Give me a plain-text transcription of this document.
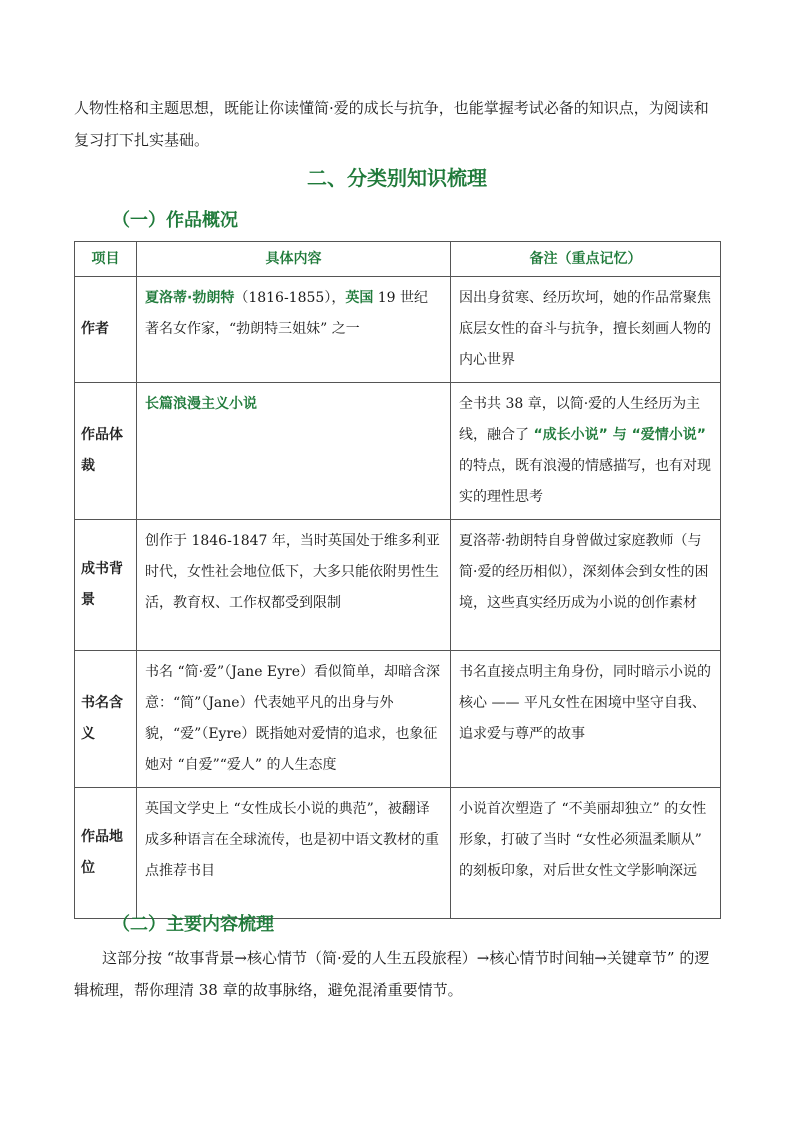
人物性格和主题思想，既能让你读懂简·爱的成长与抗争，也能掌握考试必备的知识点，为阅读和复习打下扎实基础。

二、分类别知识梳理
（一）作品概况
项目	具体内容	备注（重点记忆）
作者	夏洛蒂·勃朗特（1816-1855），英国 19 世纪著名女作家，“勃朗特三姐妹” 之一	因出身贫寒、经历坎坷，她的作品常聚焦底层女性的奋斗与抗争，擅长刻画人物的内心世界
作品体裁	长篇浪漫主义小说	全书共 38 章，以简·爱的人生经历为主线，融合了 “成长小说” 与 “爱情小说” 的特点，既有浪漫的情感描写，也有对现实的理性思考
成书背景	创作于 1846-1847 年，当时英国处于维多利亚时代，女性社会地位低下，大多只能依附男性生活，教育权、工作权都受到限制	夏洛蒂·勃朗特自身曾做过家庭教师（与简·爱的经历相似），深刻体会到女性的困境，这些真实经历成为小说的创作素材
书名含义	书名 “简·爱”（Jane Eyre）看似简单，却暗含深意：“简”（Jane）代表她平凡的出身与外貌，“爱”（Eyre）既指她对爱情的追求，也象征她对 “自爱”“爱人” 的人生态度	书名直接点明主角身份，同时暗示小说的核心 —— 平凡女性在困境中坚守自我、追求爱与尊严的故事
作品地位	英国文学史上 “女性成长小说的典范”，被翻译成多种语言在全球流传，也是初中语文教材的重点推荐书目	小说首次塑造了 “不美丽却独立” 的女性形象，打破了当时 “女性必须温柔顺从” 的刻板印象，对后世女性文学影响深远
（二）主要内容梳理

这部分按 “故事背景→核心情节（简·爱的人生五段旅程）→核心情节时间轴→关键章节” 的逻辑梳理，帮你理清 38 章的故事脉络，避免混淆重要情节。
